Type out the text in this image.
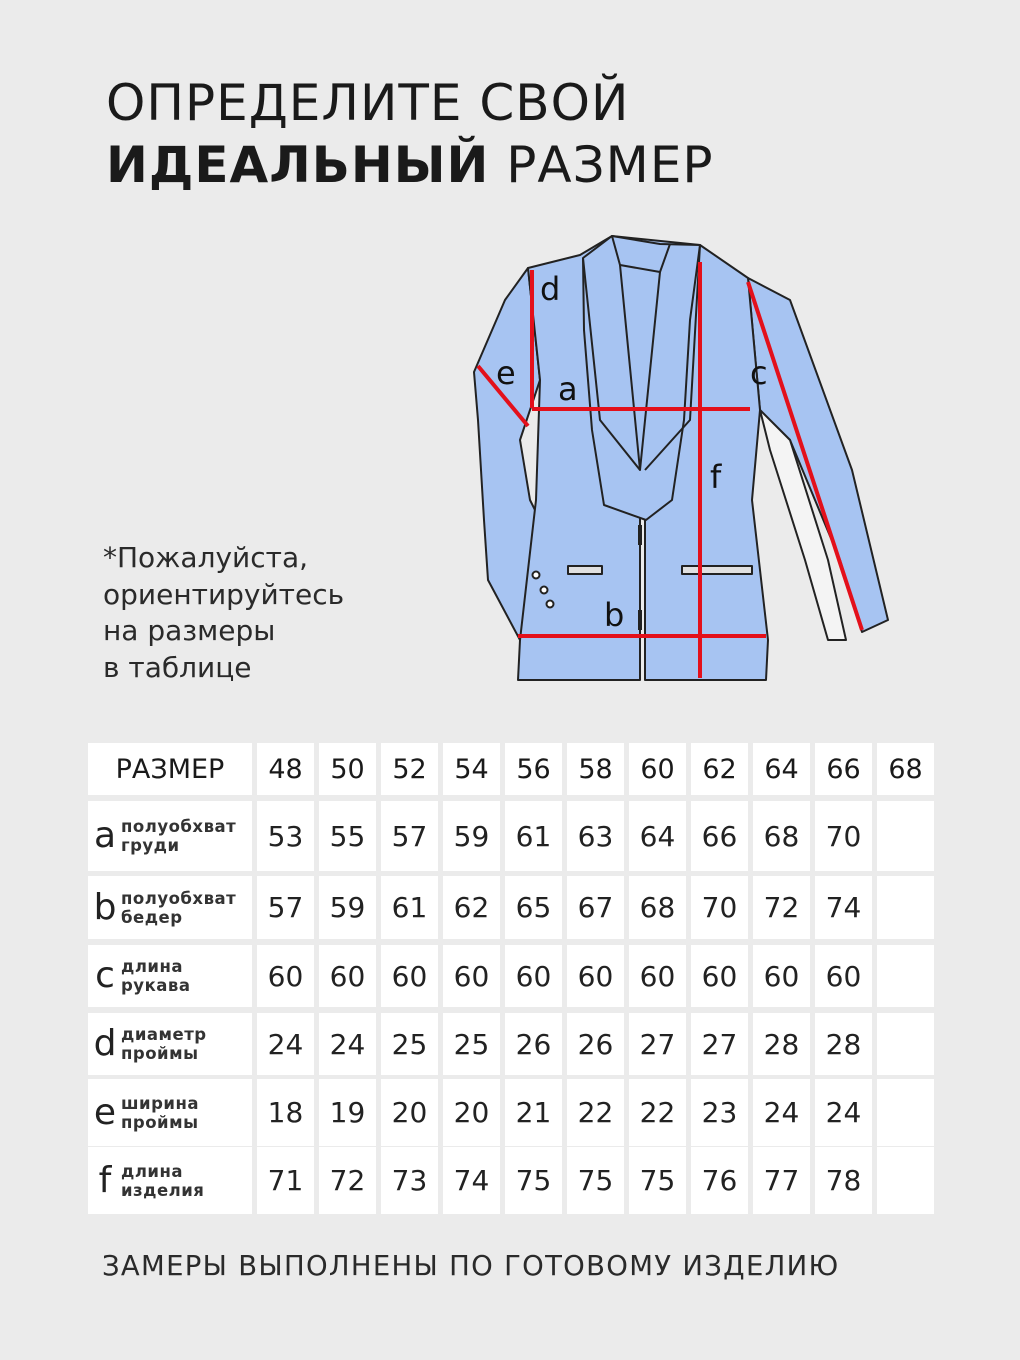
ОПРЕДЕЛИТЕ СВОЙ
ИДЕАЛЬНЫЙ РАЗМЕР
*Пожалуйста,
ориентируйтесь
на размеры
в таблице
a
b
c
d
e
f
РАЗМЕР	48	50	52	54	56	58	60	62	64	66	68
a полуобхват
груди	53 55 57 59 61 63 64 66 68 70
b полуобхват
бедер	57 59 61 62 65 67 68 70 72 74
c длина
рукава	60 60 60 60 60 60 60 60 60 60
d диаметр
проймы	24 24 25 25 26 26 27 27 28 28
e ширина
проймы	18 19 20 20 21 22 22 23 24 24
f длина
изделия	71 72 73 74 75 75 75 76 77 78
ЗАМЕРЫ ВЫПОЛНЕНЫ ПО ГОТОВОМУ ИЗДЕЛИЮ
